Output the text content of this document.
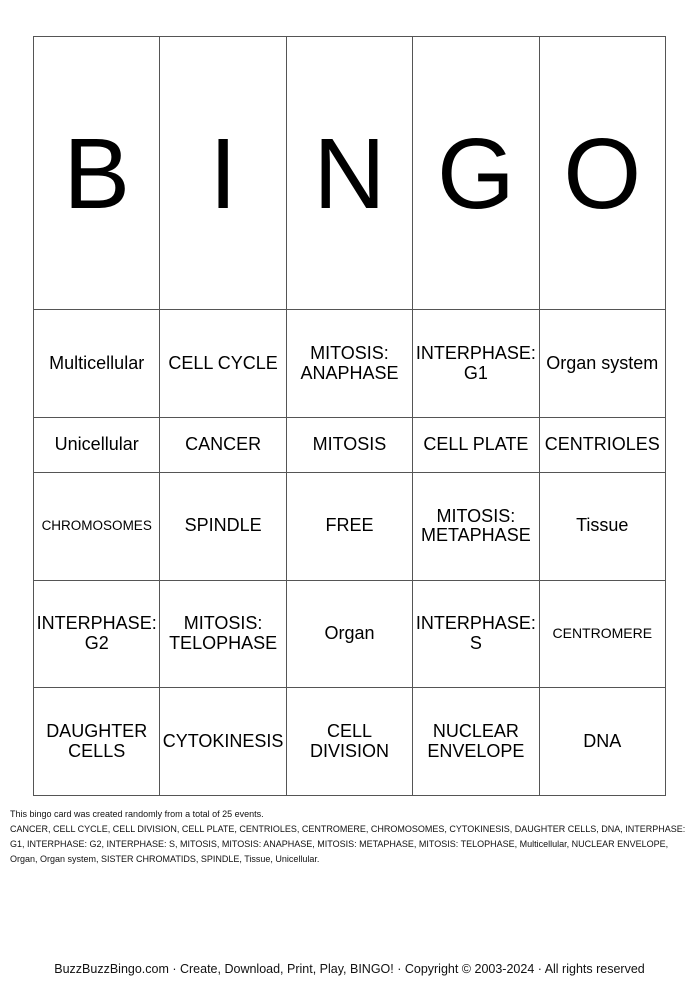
B	I	N	G	O
Multicellular	CELL CYCLE	MITOSIS: ANAPHASE	INTERPHASE: G1	Organ system
Unicellular	CANCER	MITOSIS	CELL PLATE	CENTRIOLES
CHROMOSOMES	SPINDLE	FREE	MITOSIS: METAPHASE	Tissue
INTERPHASE: G2	MITOSIS: TELOPHASE	Organ	INTERPHASE: S	CENTROMERE
DAUGHTER CELLS	CYTOKINESIS	CELL DIVISION	NUCLEAR ENVELOPE	DNA

This bingo card was created randomly from a total of 25 events.

CANCER, CELL CYCLE, CELL DIVISION, CELL PLATE, CENTRIOLES, CENTROMERE, CHROMOSOMES, CYTOKINESIS, DAUGHTER CELLS, DNA, INTERPHASE: G1, INTERPHASE: G2, INTERPHASE: S, MITOSIS, MITOSIS: ANAPHASE, MITOSIS: METAPHASE, MITOSIS: TELOPHASE, Multicellular, NUCLEAR ENVELOPE, Organ, Organ system, SISTER CHROMATIDS, SPINDLE, Tissue, Unicellular.

BuzzBuzzBingo.com · Create, Download, Print, Play, BINGO! · Copyright © 2003-2024 · All rights reserved
